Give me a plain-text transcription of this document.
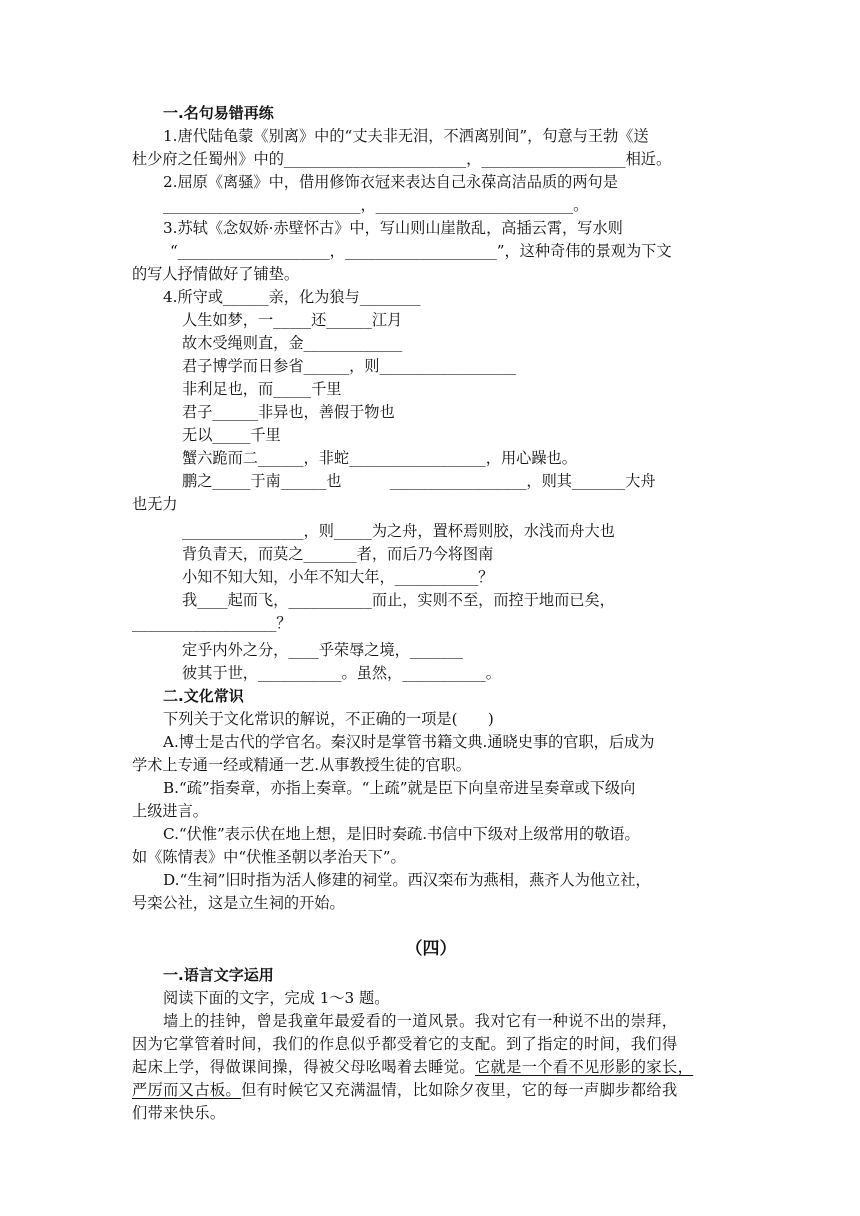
一.名句易错再练
1.唐代陆龟蒙《别离》中的“丈夫非无泪，不洒离别间”，句意与王勃《送
杜少府之任蜀州》中的________________________，___________________相近。
2.屈原《离骚》中，借用修饰衣冠来表达自己永葆高洁品质的两句是
__________________________，__________________________。
3.苏轼《念奴娇·赤壁怀古》中，写山则山崖散乱，高插云霄，写水则
“____________________，____________________”，这种奇伟的景观为下文
的写人抒情做好了铺垫。
4.所守或______亲，化为狼与________
人生如梦，一_____还______江月
故木受绳则直，金_____________
君子博学而日参省______，则__________________
非利足也，而_____千里
君子______非异也，善假于物也
无以_____千里
蟹六跪而二______，非蛇__________________，用心躁也。
鹏之_____于南______也          __________________，则其_______大舟
也无力
________________，则_____为之舟，置杯焉则胶，水浅而舟大也
背负青天，而莫之_______者，而后乃今将图南
小知不知大知，小年不知大年，___________？
我____起而飞，___________而止，实则不至，而控于地而已矣，
___________________？
定乎内外之分，____乎荣辱之境，_______
彼其于世，___________。虽然，___________。
二.文化常识
下列关于文化常识的解说，不正确的一项是(　　)
A.博士是古代的学官名。秦汉时是掌管书籍文典.通晓史事的官职，后成为
学术上专通一经或精通一艺.从事教授生徒的官职。
B.“疏”指奏章，亦指上奏章。“上疏”就是臣下向皇帝进呈奏章或下级向
上级进言。
C.“伏惟”表示伏在地上想，是旧时奏疏.书信中下级对上级常用的敬语。
如《陈情表》中“伏惟圣朝以孝治天下”。
D.“生祠”旧时指为活人修建的祠堂。西汉栾布为燕相，燕齐人为他立社，
号栾公社，这是立生祠的开始。
（四）
一.语言文字运用
阅读下面的文字，完成 1～3 题。
墙上的挂钟，曾是我童年最爱看的一道风景。我对它有一种说不出的崇拜，
因为它掌管着时间，我们的作息似乎都受着它的支配。到了指定的时间，我们得
起床上学，得做课间操，得被父母吆喝着去睡觉。它就是一个看不见形影的家长，
严厉而又古板。但有时候它又充满温情，比如除夕夜里，它的每一声脚步都给我
们带来快乐。
